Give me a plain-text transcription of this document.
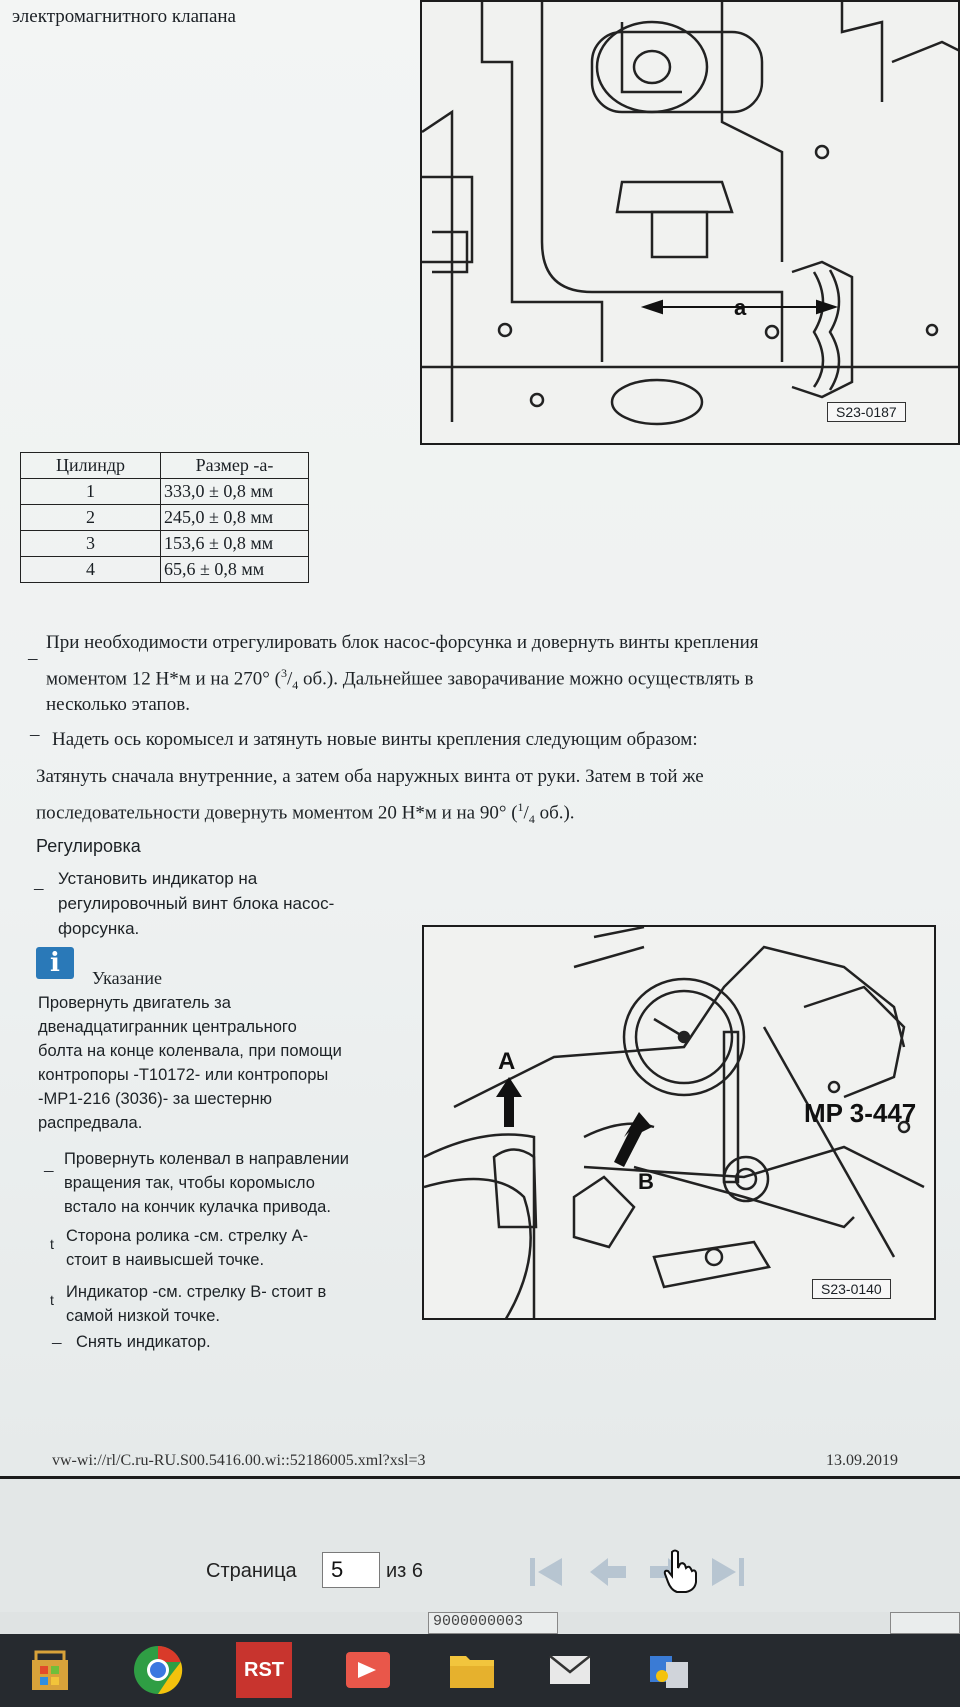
электромагнитного клапана
a
S23-0187
Цилиндр	Размер -a-
1	333,0 ± 0,8 мм
2	245,0 ± 0,8 мм
3	153,6 ± 0,8 мм
4	65,6 ± 0,8 мм
–
При необходимости отрегулировать блок насос-форсунка и довернуть винты крепления
моментом 12 Н*м и на 270° ($^3/_4$ об.). Дальнейшее заворачивание можно осуществлять в
несколько этапов.
– Надеть ось коромысел и затянуть новые винты крепления следующим образом:
Затянуть сначала внутренние, а затем оба наружных винта от руки. Затем в той же
последовательности довернуть моментом 20 Н*м и на 90° ($^1/_4$ об.).
Регулировка
– Установить индикатор на
регулировочный винт блока насос-
форсунка.
i	Указание
Провернуть двигатель за
двенадцатигранник центрального
болта на конце коленвала, при помощи
контропоры -T10172- или контропоры
-MP1-216 (3036)- за шестерню
распредвала.
–
Провернуть коленвал в направлении
вращения так, чтобы коромысло
встало на кончик кулачка привода.
t Сторона ролика -см. стрелку А-
стоит в наивысшей точке.
t Индикатор -см. стрелку В- стоит в
самой низкой точке.
– Снять индикатор.
A
B
MP 3-447
S23-0140
vw-wi://rl/C.ru-RU.S00.5416.00.wi::52186005.xml?xsl=3	13.09.2019
Страница
5	из 6
9000000003
RST
